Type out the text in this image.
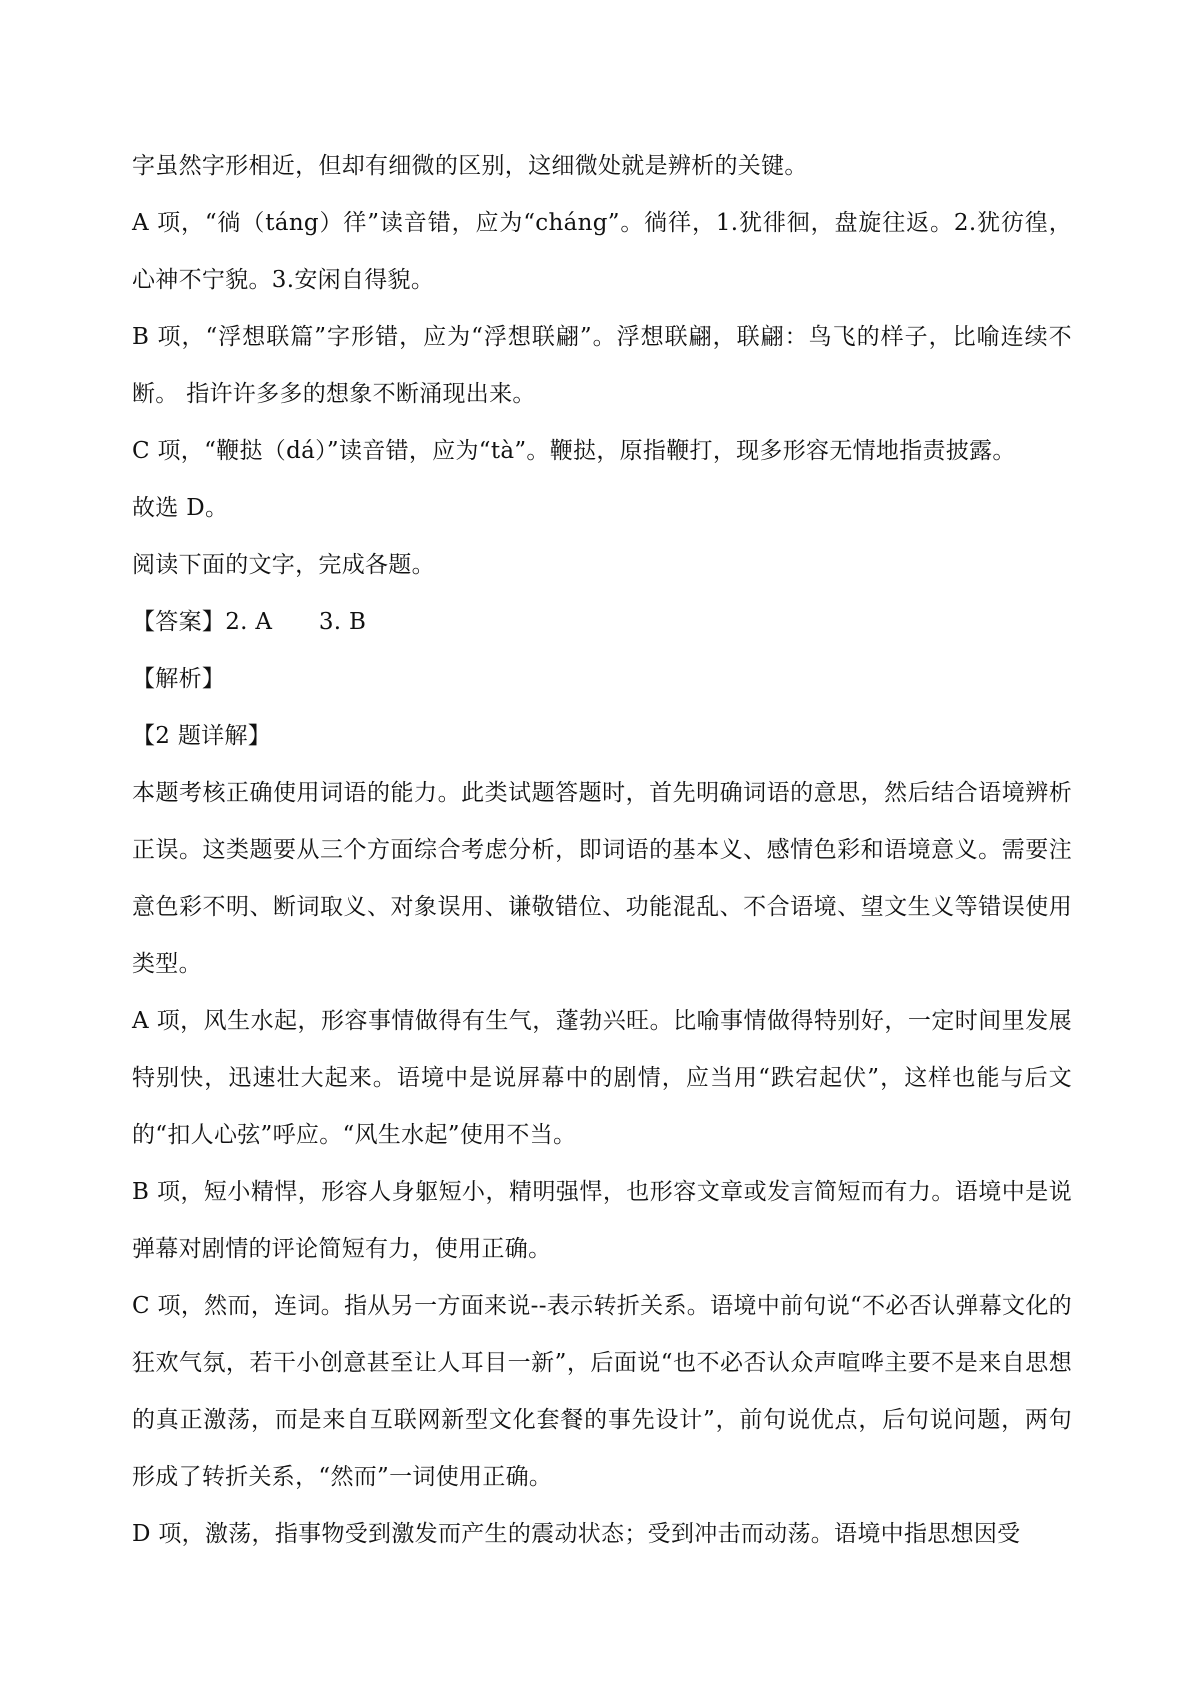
字虽然字形相近，但却有细微的区别，这细微处就是辨析的关键。

A 项，“徜（táng）徉”读音错，应为“cháng”。徜徉，1.犹徘徊，盘旋往返。2.犹彷徨，心神不宁貌。3.安闲自得貌。

B 项，“浮想联篇”字形错，应为“浮想联翩”。浮想联翩，联翩：鸟飞的样子，比喻连续不断。 指许许多多的想象不断涌现出来。

C 项，“鞭挞（dá）”读音错，应为“tà”。鞭挞，原指鞭打，现多形容无情地指责披露。

故选 D。

阅读下面的文字，完成各题。

【答案】2. A　　3. B

【解析】

【2 题详解】

本题考核正确使用词语的能力。此类试题答题时，首先明确词语的意思，然后结合语境辨析正误。这类题要从三个方面综合考虑分析，即词语的基本义、感情色彩和语境意义。需要注意色彩不明、断词取义、对象误用、谦敬错位、功能混乱、不合语境、望文生义等错误使用类型。

A 项，风生水起，形容事情做得有生气，蓬勃兴旺。比喻事情做得特别好，一定时间里发展特别快，迅速壮大起来。语境中是说屏幕中的剧情，应当用“跌宕起伏”，这样也能与后文的“扣人心弦”呼应。“风生水起”使用不当。

B 项，短小精悍，形容人身躯短小，精明强悍，也形容文章或发言简短而有力。语境中是说弹幕对剧情的评论简短有力，使用正确。

C 项，然而，连词。指从另一方面来说--表示转折关系。语境中前句说“不必否认弹幕文化的狂欢气氛，若干小创意甚至让人耳目一新”，后面说“也不必否认众声喧哗主要不是来自思想的真正激荡，而是来自互联网新型文化套餐的事先设计”，前句说优点，后句说问题，两句形成了转折关系，“然而”一词使用正确。

D 项，激荡，指事物受到激发而产生的震动状态；受到冲击而动荡。语境中指思想因受
